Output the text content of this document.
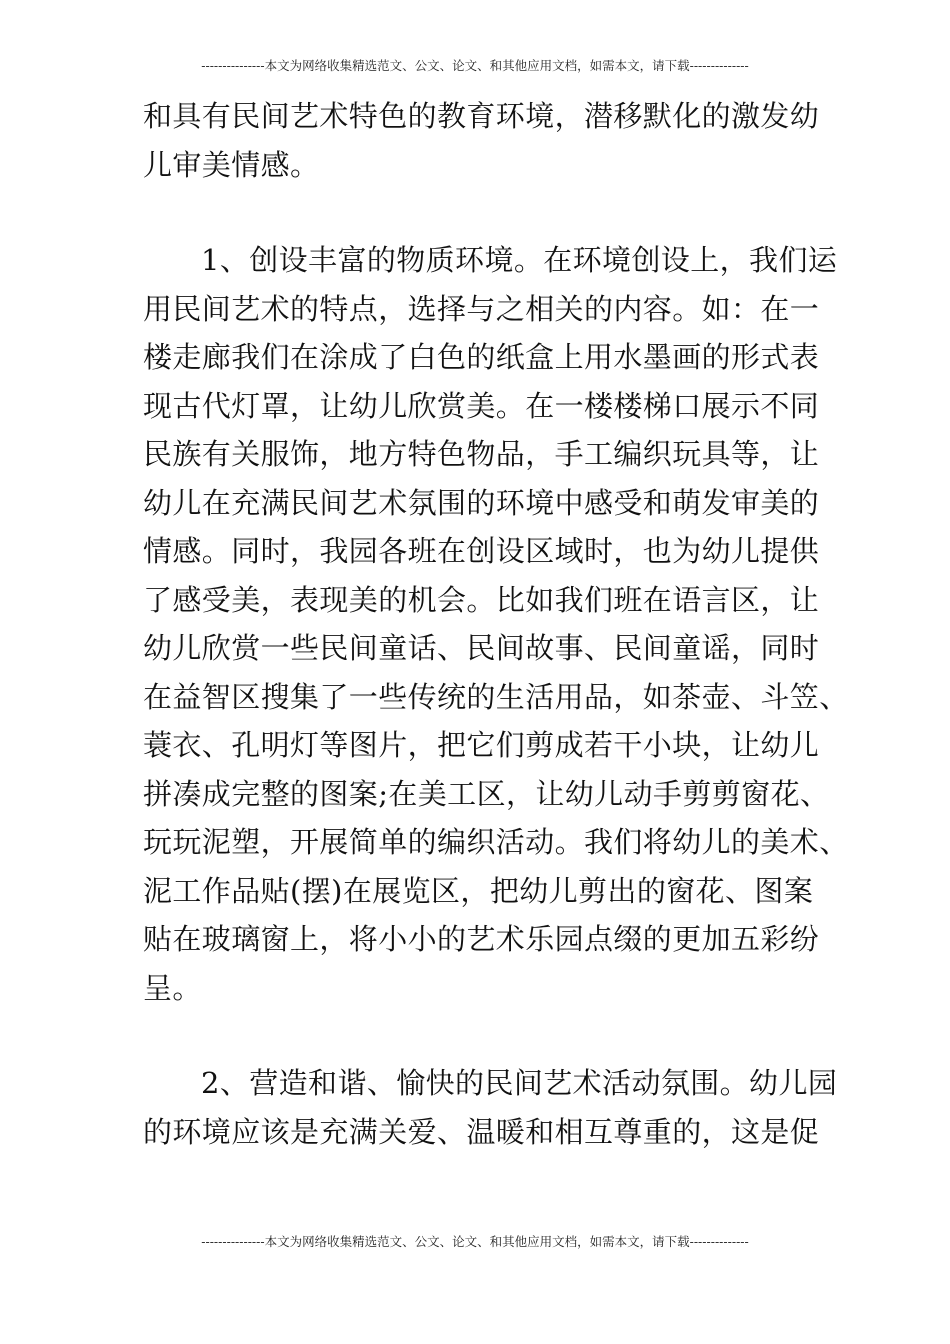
---------------本文为网络收集精选范文、公文、论文、和其他应用文档，如需本文，请下载--------------
和具有民间艺术特色的教育环境，潜移默化的激发幼
儿审美情感。
1、创设丰富的物质环境。在环境创设上，我们运
用民间艺术的特点，选择与之相关的内容。如：在一
楼走廊我们在涂成了白色的纸盒上用水墨画的形式表
现古代灯罩，让幼儿欣赏美。在一楼楼梯口展示不同
民族有关服饰，地方特色物品，手工编织玩具等，让
幼儿在充满民间艺术氛围的环境中感受和萌发审美的
情感。同时，我园各班在创设区域时，也为幼儿提供
了感受美，表现美的机会。比如我们班在语言区，让
幼儿欣赏一些民间童话、民间故事、民间童谣，同时
在益智区搜集了一些传统的生活用品，如茶壶、斗笠、
蓑衣、孔明灯等图片，把它们剪成若干小块，让幼儿
拼凑成完整的图案;在美工区，让幼儿动手剪剪窗花、
玩玩泥塑，开展简单的编织活动。我们将幼儿的美术、
泥工作品贴(摆)在展览区，把幼儿剪出的窗花、图案
贴在玻璃窗上，将小小的艺术乐园点缀的更加五彩纷
呈。
2、营造和谐、愉快的民间艺术活动氛围。幼儿园
的环境应该是充满关爱、温暖和相互尊重的，这是促
---------------本文为网络收集精选范文、公文、论文、和其他应用文档，如需本文，请下载--------------
